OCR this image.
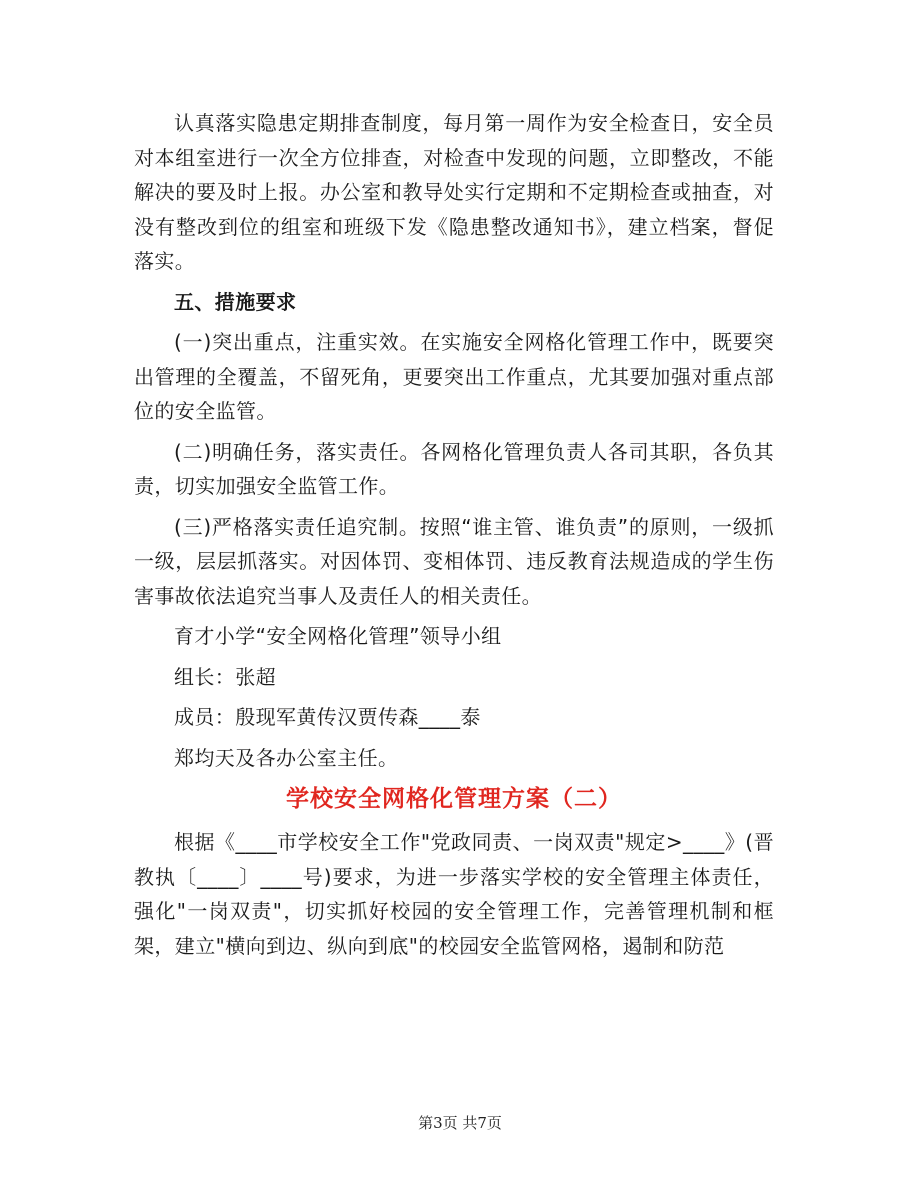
认真落实隐患定期排查制度，每月第一周作为安全检查日，安全员对本组室进行一次全方位排查，对检查中发现的问题，立即整改，不能解决的要及时上报。办公室和教导处实行定期和不定期检查或抽查，对没有整改到位的组室和班级下发《隐患整改通知书》，建立档案，督促落实。

五、措施要求

(一)突出重点，注重实效。在实施安全网格化管理工作中，既要突出管理的全覆盖，不留死角，更要突出工作重点，尤其要加强对重点部位的安全监管。

(二)明确任务，落实责任。各网格化管理负责人各司其职，各负其责，切实加强安全监管工作。

(三)严格落实责任追究制。按照“谁主管、谁负责”的原则，一级抓一级，层层抓落实。对因体罚、变相体罚、违反教育法规造成的学生伤害事故依法追究当事人及责任人的相关责任。

育才小学“安全网格化管理”领导小组

组长：张超

成员：殷现军黄传汉贾传森____泰

郑均天及各办公室主任。

学校安全网格化管理方案（二）

根据《____市学校安全工作"党政同责、一岗双责"规定>____》(晋教执〔____〕____号)要求，为进一步落实学校的安全管理主体责任，强化"一岗双责"，切实抓好校园的安全管理工作，完善管理机制和框架，建立"横向到边、纵向到底"的校园安全监管网格，遏制和防范

第3页 共7页
